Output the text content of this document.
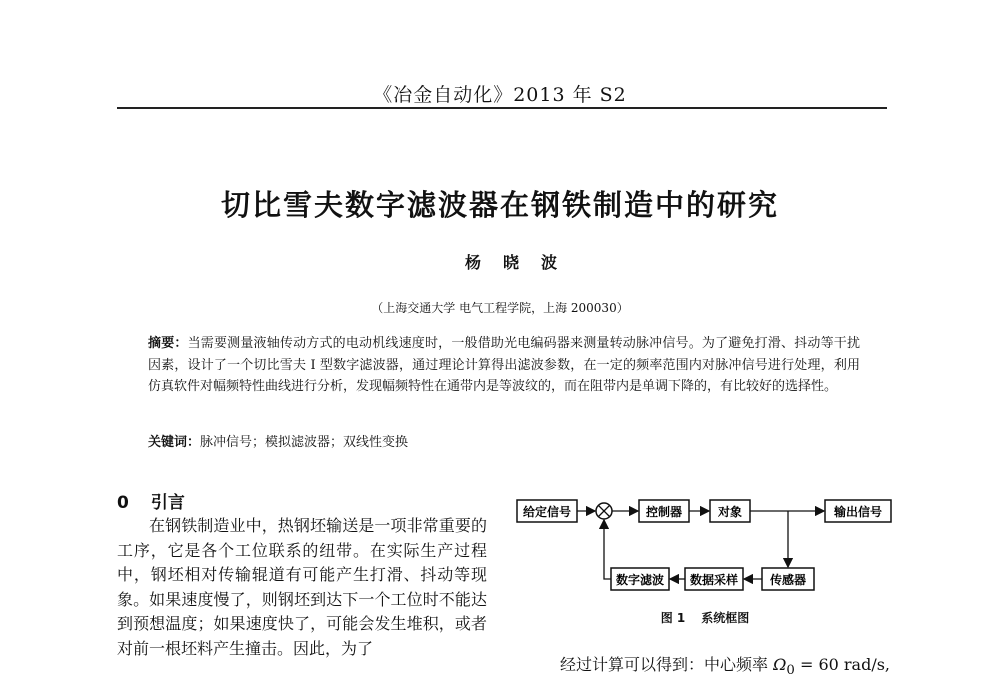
《冶金自动化》2013 年 S2
切比雪夫数字滤波器在钢铁制造中的研究
杨晓波
（上海交通大学 电气工程学院，上海 200030）
摘要：当需要测量液轴传动方式的电动机线速度时，一般借助光电编码器来测量转动脉冲信号。为了避免打滑、抖动等干扰因素，设计了一个切比雪夫 I 型数字滤波器，通过理论计算得出滤波参数，在一定的频率范围内对脉冲信号进行处理，利用仿真软件对幅频特性曲线进行分析，发现幅频特性在通带内是等波纹的，而在阻带内是单调下降的，有比较好的选择性。
关键词：脉冲信号；模拟滤波器；双线性变换
0 引言
在钢铁制造业中，热钢坯输送是一项非常重要的工序，它是各个工位联系的纽带。在实际生产过程中，钢坯相对传输辊道有可能产生打滑、抖动等现象。如果速度慢了，则钢坯到达下一个工位时不能达到预想温度；如果速度快了，可能会发生堆积，或者对前一根坯料产生撞击。因此，为了
给定信号	控制器	对象	输出信号
传感器
数据采样
数字滤波
图 1 系统框图
经过计算可以得到：中心频率 $\Omega_0 = 60$ rad/s,
